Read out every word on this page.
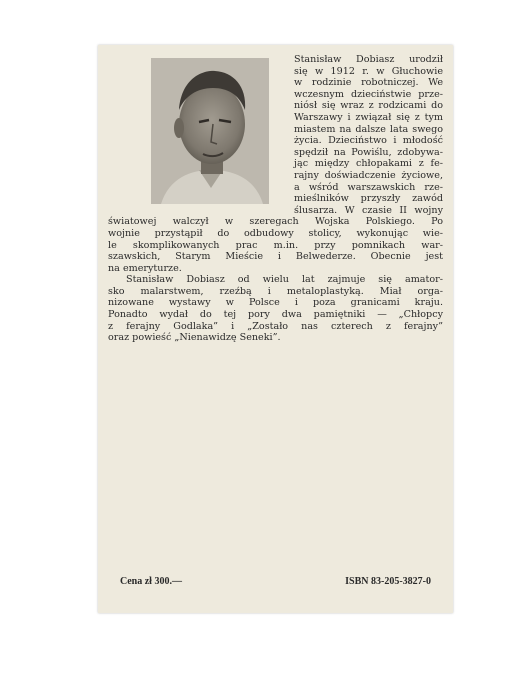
Stanisław Dobiasz urodził
się w 1912 r. w Głuchowie
w rodzinie robotniczej. We
wczesnym dzieciństwie prze-
niósł się wraz z rodzicami do
Warszawy i związał się z tym
miastem na dalsze lata swego
życia. Dzieciństwo i młodość
spędził na Powiślu, zdobywa-
jąc między chłopakami z fe-
rajny doświadczenie życiowe,
a wśród warszawskich rze-
mieślników przyszły zawód
ślusarza. W czasie II wojny
światowej walczył w szeregach Wojska Polskiego. Po
wojnie przystąpił do odbudowy stolicy, wykonując wie-
le skomplikowanych prac m.in. przy pomnikach war-
szawskich, Starym Mieście i Belwederze. Obecnie jest
na emeryturze.
Stanisław Dobiasz od wielu lat zajmuje się amator-
sko malarstwem, rzeźbą i metaloplastyką. Miał orga-
nizowane wystawy w Polsce i poza granicami kraju.
Ponadto wydał do tej pory dwa pamiętniki — „Chłopcy
z ferajny Godlaka” i „Zostało nas czterech z ferajny”
oraz powieść „Nienawidzę Seneki”.
Cena zł 300.—	ISBN 83-205-3827-0
